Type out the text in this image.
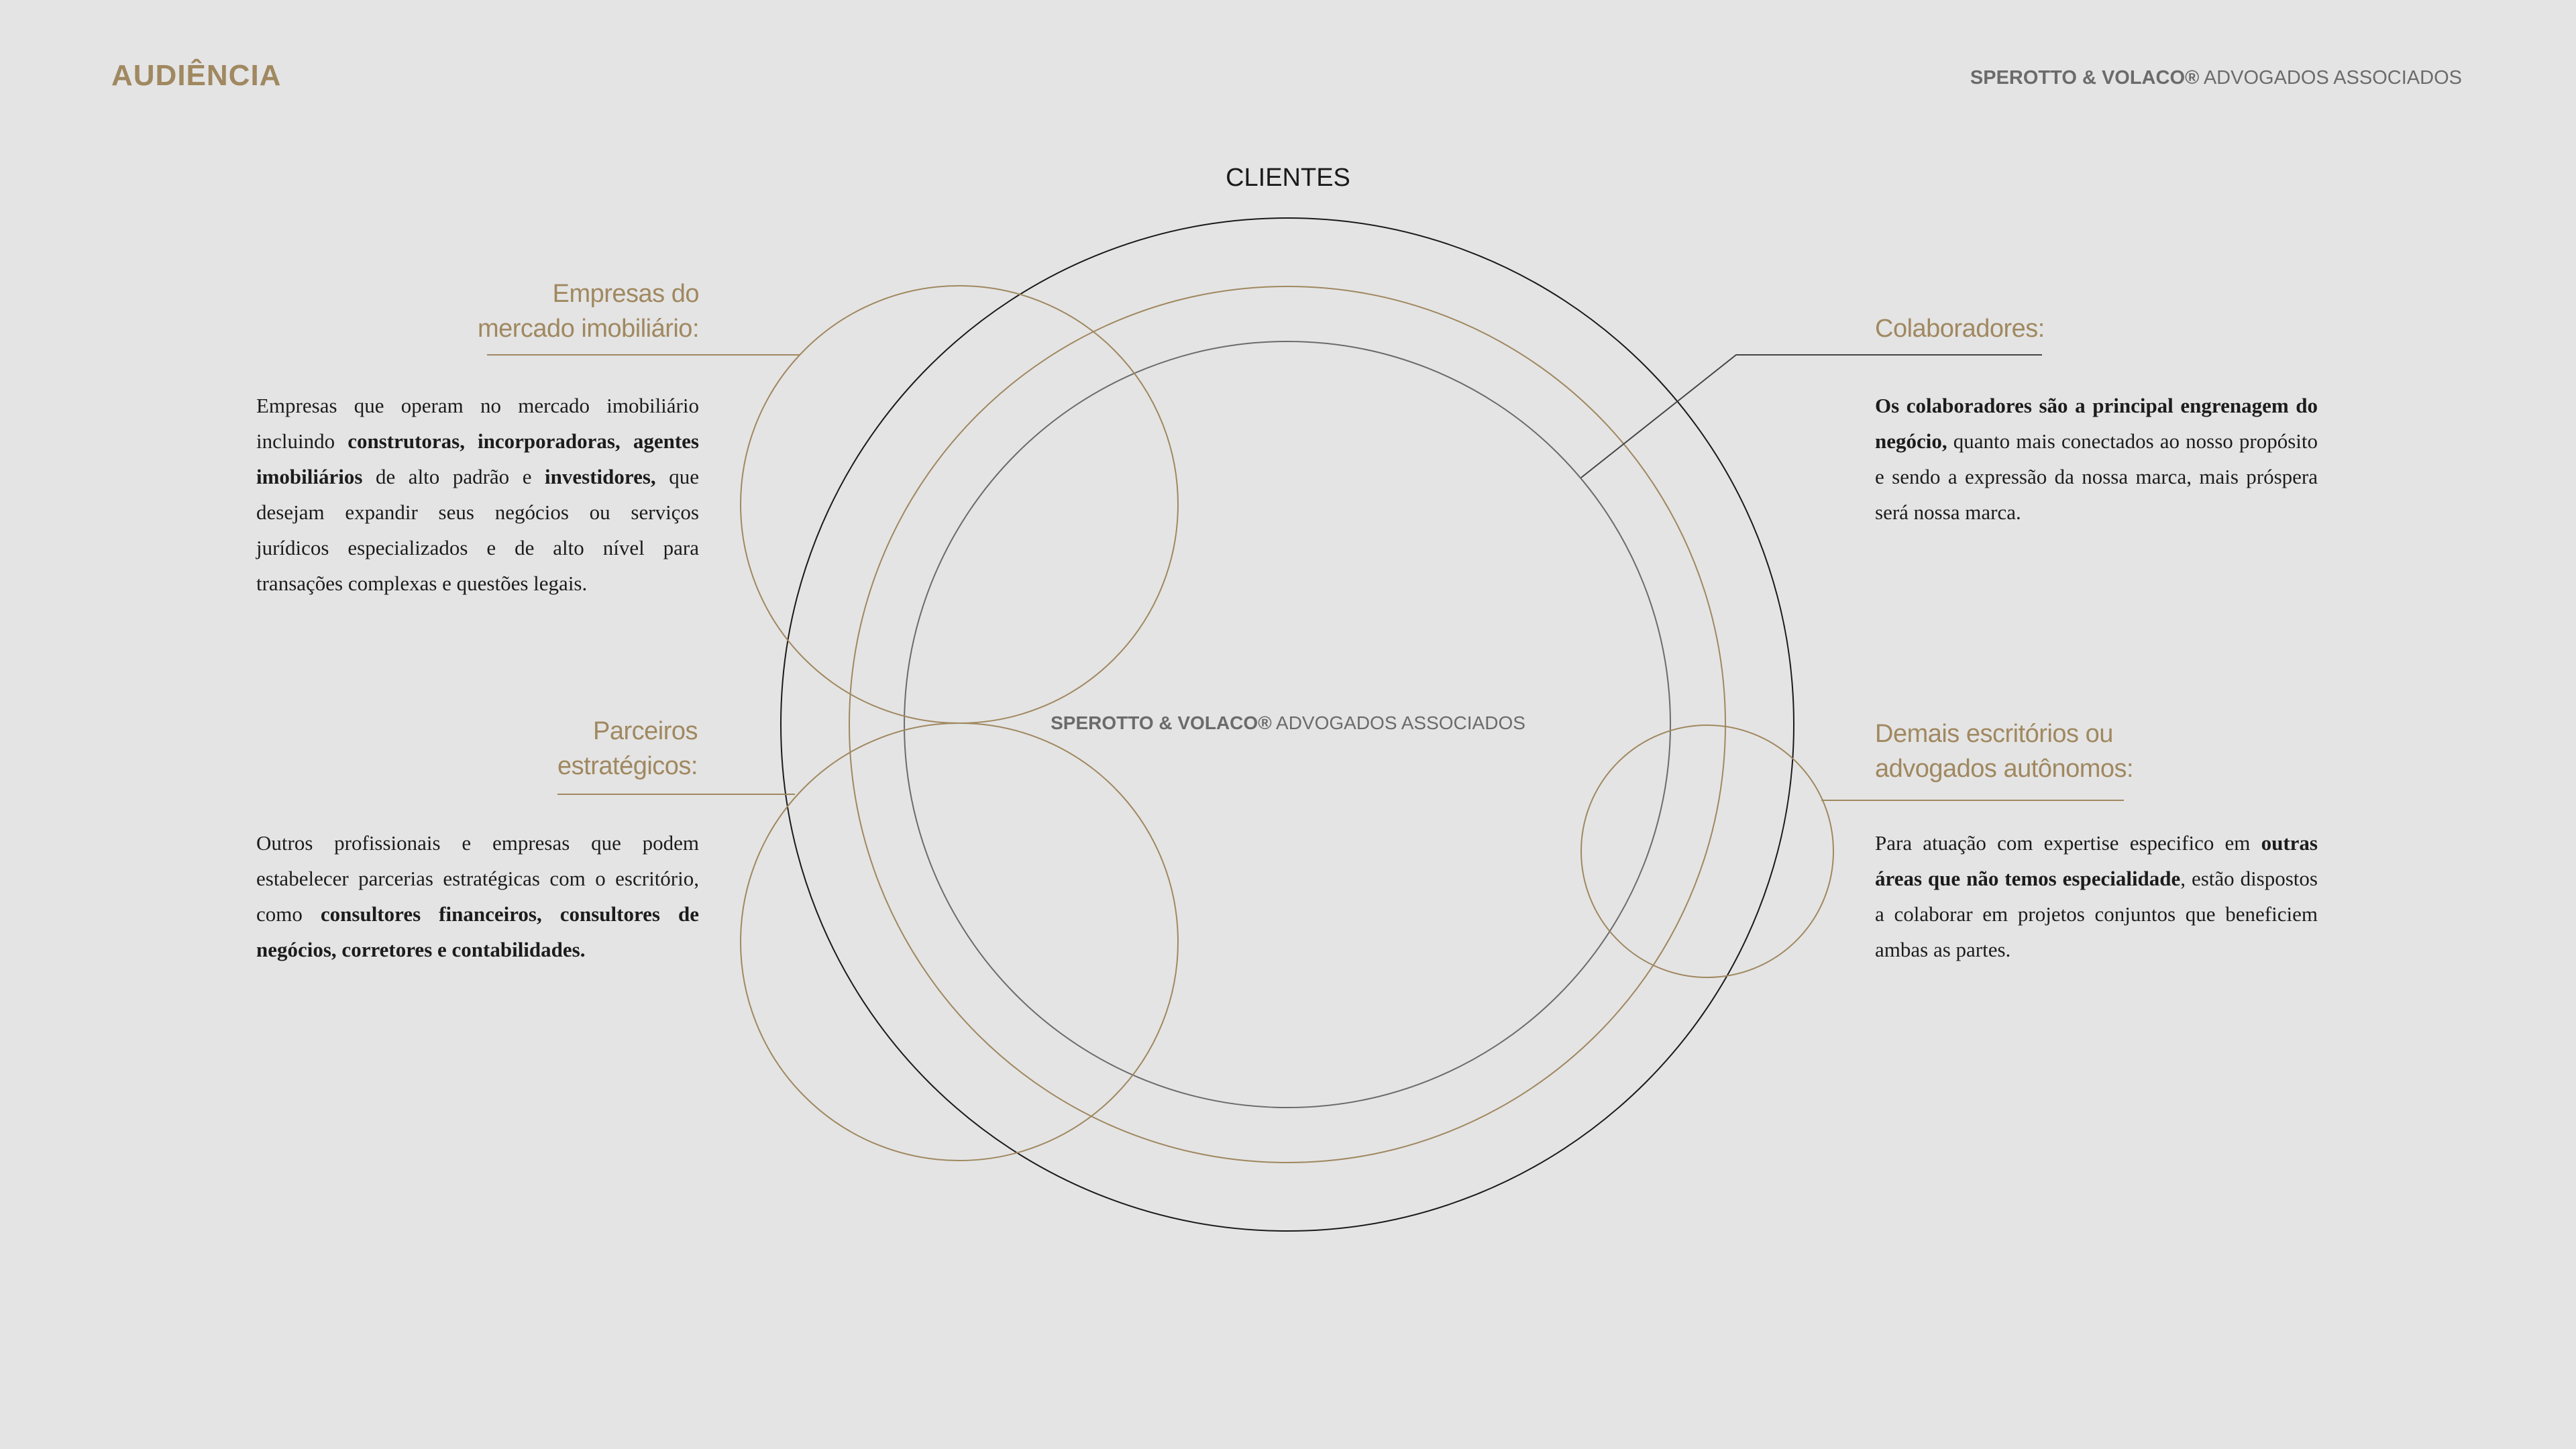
AUDIÊNCIA	SPEROTTO & VOLACO® ADVOGADOS ASSOCIADOS
CLIENTES
SPEROTTO & VOLACO® ADVOGADOS ASSOCIADOS
Empresas do
mercado imobiliário:
Empresas que operam no mercado imobiliário incluindo construtoras, incorporadoras, agentes imobiliários de alto padrão e investidores, que desejam expandir seus negócios ou serviços jurídicos especializados e de alto nível para transações complexas e questões legais.
Parceiros
estratégicos:
Outros profissionais e empresas que podem estabelecer parcerias estratégicas com o escritório, como consultores financeiros, consultores de negócios, corretores e contabilidades.
Colaboradores:
Os colaboradores são a principal engrenagem do negócio, quanto mais conectados ao nosso propósito e sendo a expressão da nossa marca, mais próspera será nossa marca.
Demais escritórios ou
advogados autônomos:
Para atuação com expertise especifico em outras áreas que não temos especialidade, estão dispostos a colaborar em projetos conjuntos que beneficiem ambas as partes.
